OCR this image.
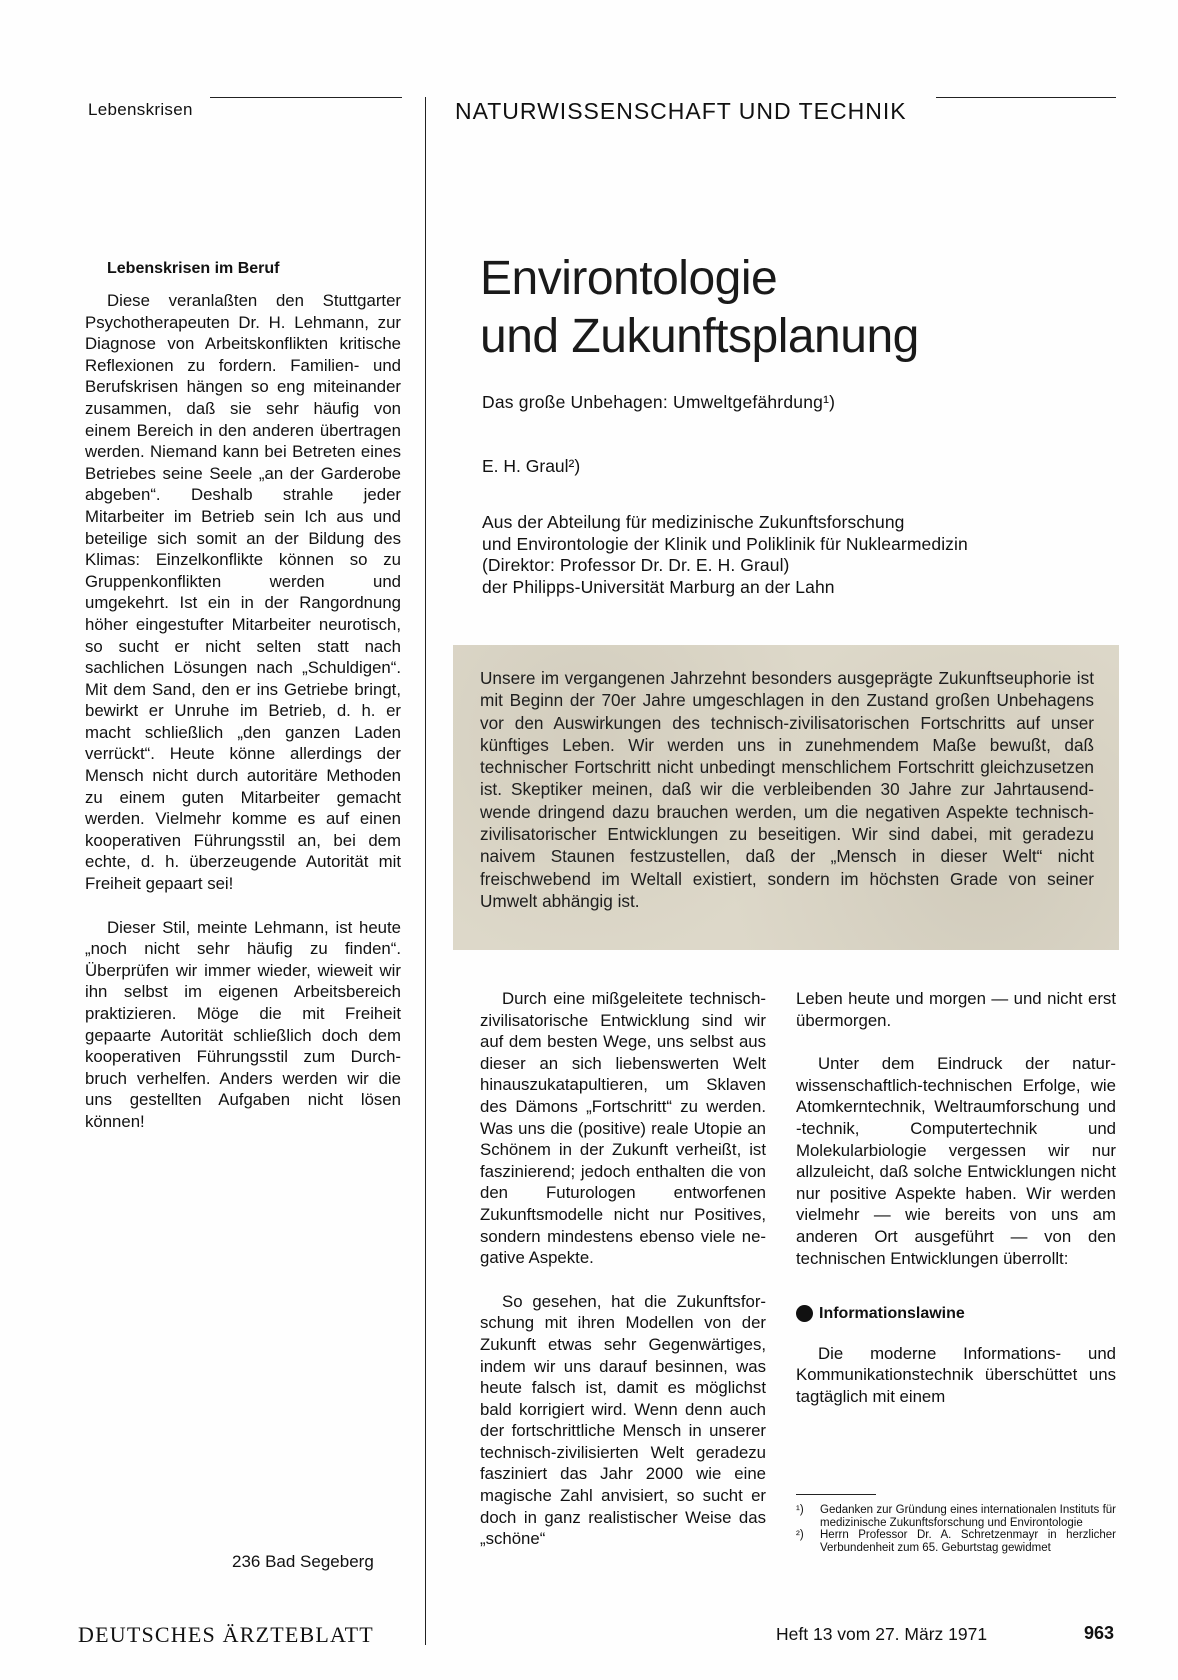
Lebenskrisen	NATURWISSENSCHAFT UND TECHNIK
Lebenskrisen im Beruf

Diese veranlaßten den Stuttgarter Psychotherapeuten Dr. H. Lehmann, zur Diagnose von Arbeitskonflikten kritische Reflexionen zu fordern. Familien- und Berufskrisen hängen so eng miteinander zusammen, daß sie sehr häufig von einem Bereich in den anderen übertragen werden. Niemand kann bei Betreten eines Betriebes seine Seele „an der Garderobe abgeben“. Deshalb strahle jeder Mitarbeiter im Betrieb sein Ich aus und beteilige sich somit an der Bildung des Klimas: Einzelkonflikte können so zu Gruppenkonflikten werden und umgekehrt. Ist ein in der Rangordnung höher eingestufter Mitarbeiter neurotisch, so sucht er nicht selten statt nach sachlichen Lösungen nach „Schuldigen“. Mit dem Sand, den er ins Getriebe bringt, bewirkt er Unruhe im Betrieb, d. h. er macht schließlich „den ganzen Laden verrückt“. Heute könne allerdings der Mensch nicht durch autoritäre Methoden zu einem guten Mitarbeiter gemacht werden. Vielmehr komme es auf einen kooperativen Führungsstil an, bei dem echte, d. h. überzeugende Autorität mit Freiheit gepaart sei!

Dieser Stil, meinte Lehmann, ist heute „noch nicht sehr häufig zu finden“. Überprüfen wir immer wieder, wieweit wir ihn selbst im eigenen Arbeitsbereich praktizieren. Möge die mit Freiheit gepaarte Autorität schließlich doch dem kooperativen Führungsstil zum Durchbruch verhelfen. Anders werden wir die uns gestellten Aufgaben nicht lösen können!

236 Bad Segeberg
Environtologie
und Zukunftsplanung
Das große Unbehagen: Umweltgefährdung¹)
E. H. Graul²)
Aus der Abteilung für medizinische Zukunftsforschung
und Environtologie der Klinik und Poliklinik für Nuklearmedizin
(Direktor: Professor Dr. Dr. E. H. Graul)
der Philipps-Universität Marburg an der Lahn
Unsere im vergangenen Jahrzehnt besonders ausgeprägte Zukunftseuphorie ist mit Beginn der 70er Jahre umgeschlagen in den Zustand großen Unbehagens vor den Auswirkungen des technisch-zivilisatorischen Fortschritts auf unser künftiges Leben. Wir werden uns in zunehmendem Maße bewußt, daß technischer Fortschritt nicht unbedingt menschlichem Fortschritt gleichzusetzen ist. Skeptiker meinen, daß wir die verbleibenden 30 Jahre zur Jahrtausendwende dringend dazu brauchen werden, um die negativen Aspekte technisch-zivilisatorischer Entwicklungen zu beseitigen. Wir sind dabei, mit geradezu naivem Staunen festzustellen, daß der „Mensch in dieser Welt“ nicht freischwebend im Weltall existiert, sondern im höchsten Grade von seiner Umwelt abhängig ist.

Durch eine mißgeleitete technisch-zivilisatorische Entwicklung sind wir auf dem besten Wege, uns selbst aus dieser an sich liebenswerten Welt hinauszukatapultieren, um Sklaven des Dämons „Fortschritt“ zu werden. Was uns die (positive) reale Utopie an Schönem in der Zukunft verheißt, ist faszinierend; jedoch enthalten die von den Futurologen entworfenen Zukunftsmodelle nicht nur Positives, sondern mindestens ebenso viele negative Aspekte.

So gesehen, hat die Zukunftsforschung mit ihren Modellen von der Zukunft etwas sehr Gegenwärtiges, indem wir uns darauf besinnen, was heute falsch ist, damit es möglichst bald korrigiert wird. Wenn denn auch der fortschrittliche Mensch in unserer technisch-zivilisierten Welt geradezu fasziniert das Jahr 2000 wie eine magische Zahl anvisiert, so sucht er doch in ganz realistischer Weise das „schöne“

Leben heute und morgen — und nicht erst übermorgen.

Unter dem Eindruck der naturwissenschaftlich-technischen Erfolge, wie Atomkerntechnik, Weltraumforschung und -technik, Computertechnik und Molekularbiologie vergessen wir nur allzuleicht, daß solche Entwicklungen nicht nur positive Aspekte haben. Wir werden vielmehr — wie bereits von uns am anderen Ort ausgeführt — von den technischen Entwicklungen überrollt:

Informationslawine

Die moderne Informations- und Kommunikationstechnik überschüttet uns tagtäglich mit einem

¹)	Gedanken zur Gründung eines internationalen Instituts für medizinische Zukunftsforschung und Environtologie
²)	Herrn Professor Dr. A. Schretzenmayr in herzlicher Verbundenheit zum 65. Geburtstag gewidmet
DEUTSCHES ÄRZTEBLATT	Heft 13 vom 27. März 1971	963
